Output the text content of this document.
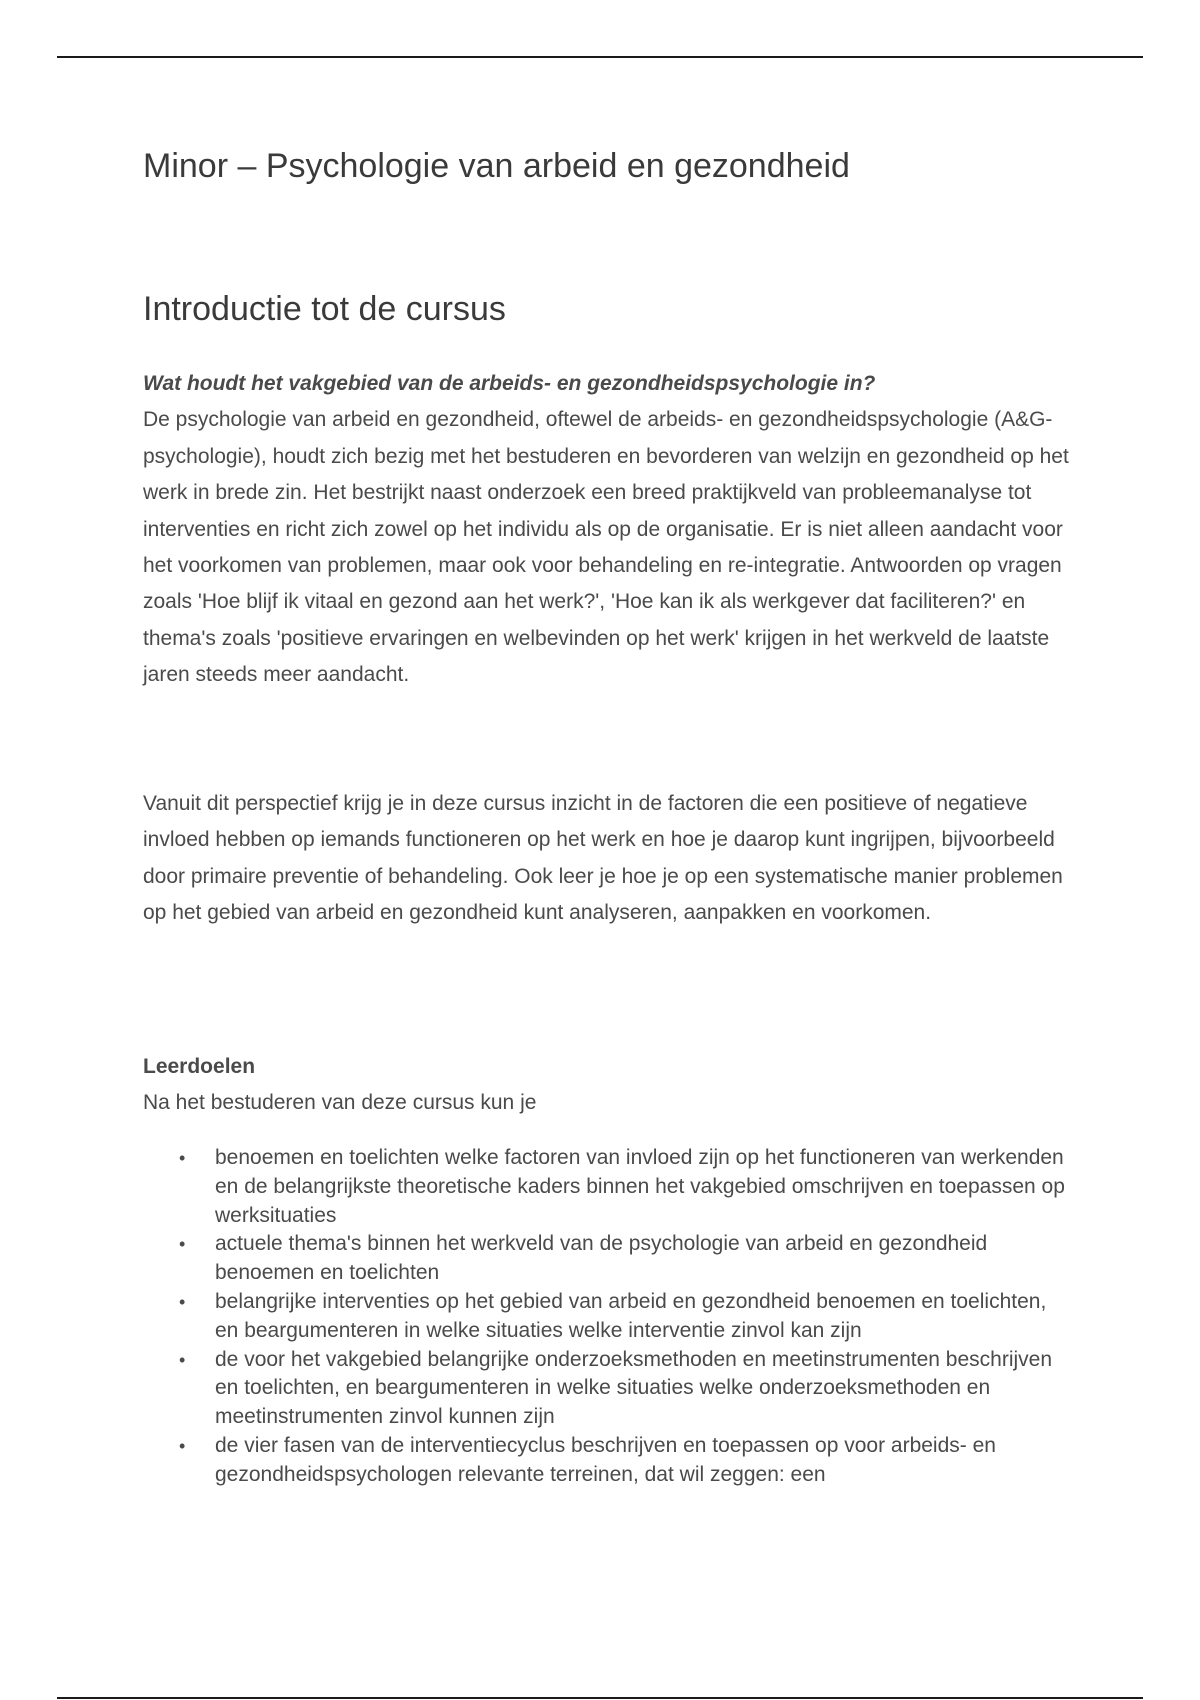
Minor – Psychologie van arbeid en gezondheid
Introductie tot de cursus
Wat houdt het vakgebied van de arbeids- en gezondheidspsychologie in?

De psychologie van arbeid en gezondheid, oftewel de arbeids- en gezondheidspsychologie (A&G-psychologie), houdt zich bezig met het bestuderen en bevorderen van welzijn en gezondheid op het werk in brede zin. Het bestrijkt naast onderzoek een breed praktijkveld van probleemanalyse tot interventies en richt zich zowel op het individu als op de organisatie. Er is niet alleen aandacht voor het voorkomen van problemen, maar ook voor behandeling en re-integratie. Antwoorden op vragen zoals 'Hoe blijf ik vitaal en gezond aan het werk?', 'Hoe kan ik als werkgever dat faciliteren?' en thema's zoals 'positieve ervaringen en welbevinden op het werk' krijgen in het werkveld de laatste jaren steeds meer aandacht.

Vanuit dit perspectief krijg je in deze cursus inzicht in de factoren die een positieve of negatieve invloed hebben op iemands functioneren op het werk en hoe je daarop kunt ingrijpen, bijvoorbeeld door primaire preventie of behandeling. Ook leer je hoe je op een systematische manier problemen op het gebied van arbeid en gezondheid kunt analyseren, aanpakken en voorkomen.

Leerdoelen

Na het bestuderen van deze cursus kun je

• benoemen en toelichten welke factoren van invloed zijn op het functioneren van werkenden en de belangrijkste theoretische kaders binnen het vakgebied omschrijven en toepassen op werksituaties
• actuele thema's binnen het werkveld van de psychologie van arbeid en gezondheid benoemen en toelichten
• belangrijke interventies op het gebied van arbeid en gezondheid benoemen en toelichten, en beargumenteren in welke situaties welke interventie zinvol kan zijn
• de voor het vakgebied belangrijke onderzoeksmethoden en meetinstrumenten beschrijven en toelichten, en beargumenteren in welke situaties welke onderzoeksmethoden en meetinstrumenten zinvol kunnen zijn
• de vier fasen van de interventiecyclus beschrijven en toepassen op voor arbeids- en gezondheidspsychologen relevante terreinen, dat wil zeggen: een
